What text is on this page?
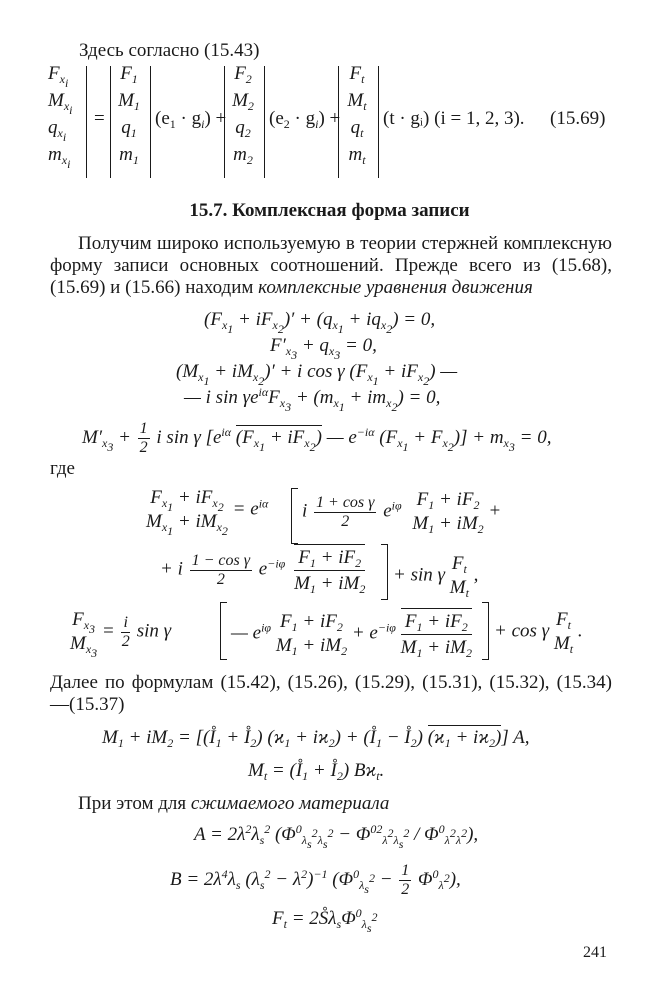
Здесь согласно (15.43)
$F_{x_i}$
$M_{x_i}$
$q_{x_i}$
$m_{x_i}$
=
$F_1$
$M_1$
$q_1$
$m_1$
$(e_1 \cdot g_i)$ +
$F_2$
$M_2$
$q_2$
$m_2$
$(e_2 \cdot g_i)$ +
$F_t$
$M_t$
$q_t$
$m_t$
(t · gᵢ) (i = 1, 2, 3). (15.69)
15.7. Комплексная форма записи
Получим широко используемую в теории стержней комплексную форму записи основных соотношений. Прежде всего из (15.68), (15.69) и (15.66) находим комплексные уравнения движения
$(F_{x_1} + iF_{x_2})' + (q_{x_1} + iq_{x_2}) = 0$,
$F'_{x_3} + q_{x_3} = 0$,
$(M_{x_1} + iM_{x_2})' + i$ cos γ $(F_{x_1} + iF_{x_2})$ —
— i $\sin \gamma e^{i\alpha}F_{x_3} + (m_{x_1} + im_{x_2}) = 0$,
$M'_{x_3} + \frac{1}{2}$ i sin γ [$e^{i\alpha}$ $(F_{x_1} + iF_{x_2})$ — $e^{-i\alpha}$ $(F_{x_1} + F_{x_2})] + m_{x_3} = 0$,
где
$F_{x_1} + iF_{x_2}$
$M_{x_1} + iM_{x_2}$
= $e^{i\alpha}$ i $\frac{\text{1 + cos γ}}{2} e^{i\varphi}$ $F_1 + iF_2$
$M_1 + iM_2$
+
+ i $\frac{\text{1 − cos γ}}{2} e^{-i\varphi} \frac{F_1 + iF_2}{M_1 + iM_2} + \sin \gamma$
$F_t$
$M_t$
,
$F_{x_3}$
$M_{x_3}$
= $\frac{i}{2}$ sin γ	— $e^{i\varphi}$ $F_1 + iF_2$
$M_1 + iM_2$
+ $e^{-i\varphi} \frac{F_1 + iF_2}{M_1 + iM_2} + \cos \gamma$
$F_t$
$M_t$
.
Далее по формулам (15.42), (15.26), (15.29), (15.31), (15.32), (15.34)—(15.37)
$M_1 + iM_2$ = [($I̊_1$ + $I̊_2$) $(ϰ_1 + iϰ_2)$ + ($I̊_1$ − $I̊_2$) $(ϰ_1 + iϰ_2)$] A,
$M_t$ = ($I̊_1$ + $I̊_2$) $Bϰ_t$.
При этом для сжимаемого материала
$A = 2\lambda^2\lambda_s^2$ $(\Phi^0_{\lambda_s^2\lambda_s^2} - \Phi^{02}_{\lambda^2\lambda_s^2} / \Phi^0_{\lambda^2\lambda^2})$,
$B = 2\lambda^4\lambda_s$ $(\lambda_s^2 - \lambda^2)^{-1}$ $(\Phi^0_{\lambda_s^2} - \frac{1}{2} \Phi^0_{\lambda^2})$,
$F_t$ = $2S̊\lambda_s\Phi^0_{\lambda_s^2}$
241
